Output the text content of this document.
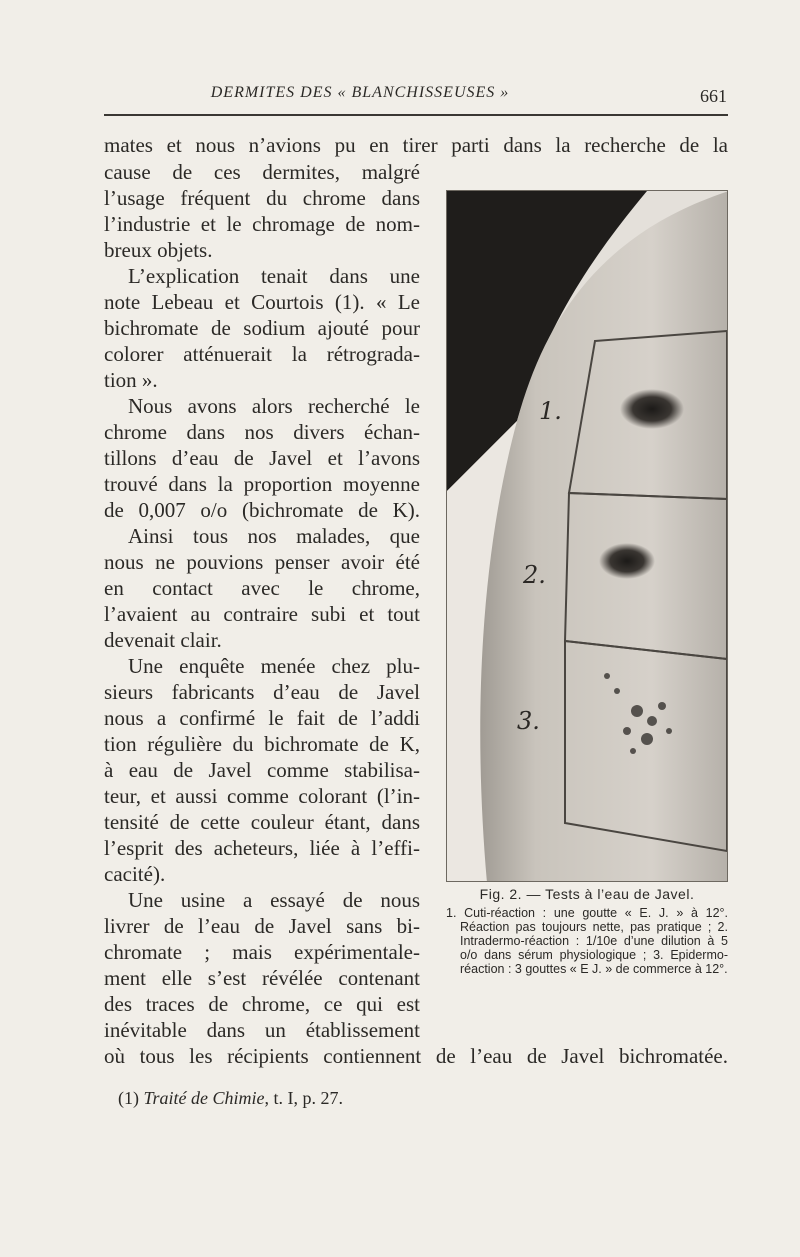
DERMITES DES « BLANCHISSEUSES »	661
mates et nous n’avions pu en tirer parti dans la recherche de la
cause de ces dermites, malgré
l’usage fréquent du chrome dans
l’industrie et le chromage de nom-
breux objets.
L’explication tenait dans une
note Lebeau et Courtois (1). « Le
bichromate de sodium ajouté pour
colorer atténuerait la rétrograda-
tion ».
Nous avons alors recherché le
chrome dans nos divers échan-
tillons d’eau de Javel et l’avons
trouvé dans la proportion moyenne
de 0,007 o/o (bichromate de K).
Ainsi tous nos malades, que
nous ne pouvions penser avoir été
en contact avec le chrome,
l’avaient au contraire subi et tout
devenait clair.
Une enquête menée chez plu-
sieurs fabricants d’eau de Javel
nous a confirmé le fait de l’addi
tion régulière du bichromate de K,
à eau de Javel comme stabilisa-
teur, et aussi comme colorant (l’in-
tensité de cette couleur étant, dans
l’esprit des acheteurs, liée à l’effi-
cacité).
Une usine a essayé de nous
livrer de l’eau de Javel sans bi-
chromate ; mais expérimentale-
ment elle s’est révélée contenant
des traces de chrome, ce qui est
inévitable dans un établissement
où tous les récipients contiennent de l’eau de Javel bichromatée.
1.
2.
3.

Fig. 2. — Tests à l’eau de Javel.

1. Cuti-réaction : une goutte « E. J. » à 12°. Réaction pas toujours nette, pas pratique ; 2. Intradermo-réaction : 1/10e d’une dilution à 5 o/o dans sérum physiologique ; 3. Epidermo-réaction : 3 gouttes « E J. » de commerce à 12°.

(1) Traité de Chimie, t. I, p. 27.
